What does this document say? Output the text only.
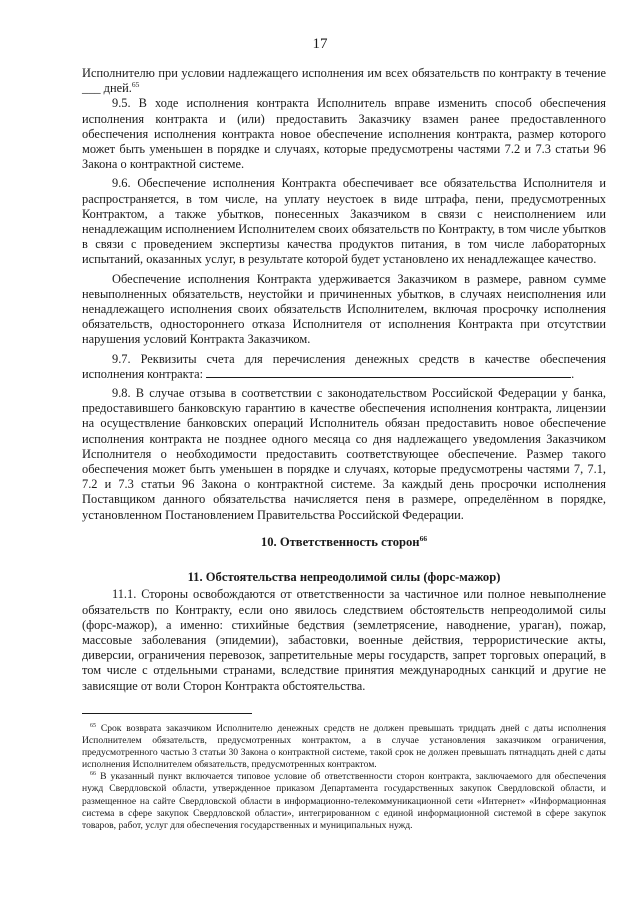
17

Исполнителю при условии надлежащего исполнения им всех обязательств по контракту в течение ___ дней.$^{65}$

9.5. В ходе исполнения контракта Исполнитель вправе изменить способ обеспечения исполнения контракта и (или) предоставить Заказчику взамен ранее предоставленного обеспечения исполнения контракта новое обеспечение исполнения контракта, размер которого может быть уменьшен в порядке и случаях, которые предусмотрены частями 7.2 и 7.3 статьи 96 Закона о контрактной системе.

9.6. Обеспечение исполнения Контракта обеспечивает все обязательства Исполнителя и распространяется, в том числе, на уплату неустоек в виде штрафа, пени, предусмотренных Контрактом, а также убытков, понесенных Заказчиком в связи с неисполнением или ненадлежащим исполнением Исполнителем своих обязательств по Контракту, в том числе убытков в связи с проведением экспертизы качества продуктов питания, в том числе лабораторных испытаний, оказанных услуг, в результате которой будет установлено их ненадлежащее качество.

Обеспечение исполнения Контракта удерживается Заказчиком в размере, равном сумме невыполненных обязательств, неустойки и причиненных убытков, в случаях неисполнения или ненадлежащего исполнения своих обязательств Исполнителем, включая просрочку исполнения обязательств, одностороннего отказа Исполнителя от исполнения Контракта при отсутствии нарушения условий Контракта Заказчиком.

9.7. Реквизиты счета для перечисления денежных средств в качестве обеспечения исполнения контракта:	.

9.8. В случае отзыва в соответствии с законодательством Российской Федерации у банка, предоставившего банковскую гарантию в качестве обеспечения исполнения контракта, лицензии на осуществление банковских операций Исполнитель обязан предоставить новое обеспечение исполнения контракта не позднее одного месяца со дня надлежащего уведомления Заказчиком Исполнителя о необходимости предоставить соответствующее обеспечение. Размер такого обеспечения может быть уменьшен в порядке и случаях, которые предусмотрены частями 7, 7.1, 7.2 и 7.3 статьи 96 Закона о контрактной системе. За каждый день просрочки исполнения Поставщиком данного обязательства начисляется пеня в размере, определённом в порядке, установленном Постановлением Правительства Российской Федерации.

10. Ответственность сторон$^{66}$

11. Обстоятельства непреодолимой силы (форс-мажор)

11.1. Стороны освобождаются от ответственности за частичное или полное невыполнение обязательств по Контракту, если оно явилось следствием обстоятельств непреодолимой силы (форс-мажор), а именно: стихийные бедствия (землетрясение, наводнение, ураган), пожар, массовые заболевания (эпидемии), забастовки, военные действия, террористические акты, диверсии, ограничения перевозок, запретительные меры государств, запрет торговых операций, в том числе с отдельными странами, вследствие принятия международных санкций и другие не зависящие от воли Сторон Контракта обстоятельства.

$^{65}$ Срок возврата заказчиком Исполнителю денежных средств не должен превышать тридцать дней с даты исполнения Исполнителем обязательств, предусмотренных контрактом, а в случае установления заказчиком ограничения, предусмотренного частью 3 статьи 30 Закона о контрактной системе, такой срок не должен превышать пятнадцать дней с даты исполнения Исполнителем обязательств, предусмотренных контрактом.

$^{66}$ В указанный пункт включается типовое условие об ответственности сторон контракта, заключаемого для обеспечения нужд Свердловской области, утвержденное приказом Департамента государственных закупок Свердловской области, и размещенное на сайте Свердловской области в информационно-телекоммуникационной сети «Интернет» «Информационная система в сфере закупок Свердловской области», интегрированном с единой информационной системой в сфере закупок товаров, работ, услуг для обеспечения государственных и муниципальных нужд.
